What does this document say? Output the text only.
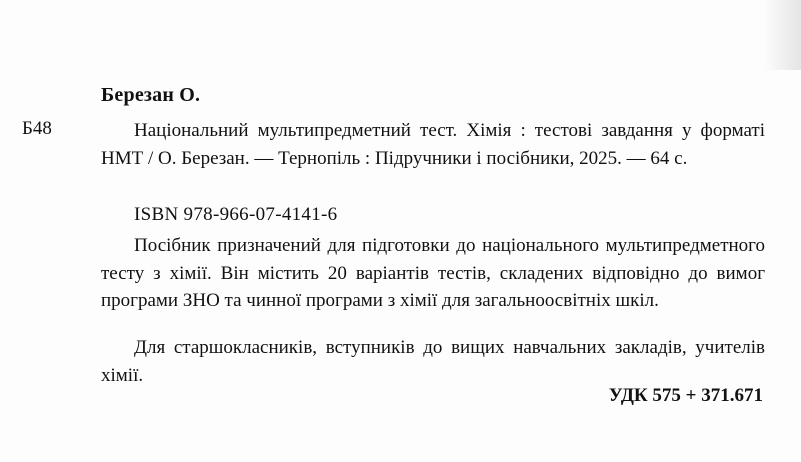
Березан О.
Б48	Національний мультипредметний тест. Хімія : тестові завдання у форматі НМТ / О. Березан. — Тернопіль : Підручники і посібники, 2025. — 64 с.
ISBN 978-966-07-4141-6
Посібник призначений для підготовки до національного мультипредметного тесту з хімії. Він містить 20 варіантів тестів, складених відповідно до вимог програми ЗНО та чинної програми з хімії для загальноосвітніх шкіл.
Для старшокласників, вступників до вищих навчальних закладів, учителів хімії.
УДК 575 + 371.671
